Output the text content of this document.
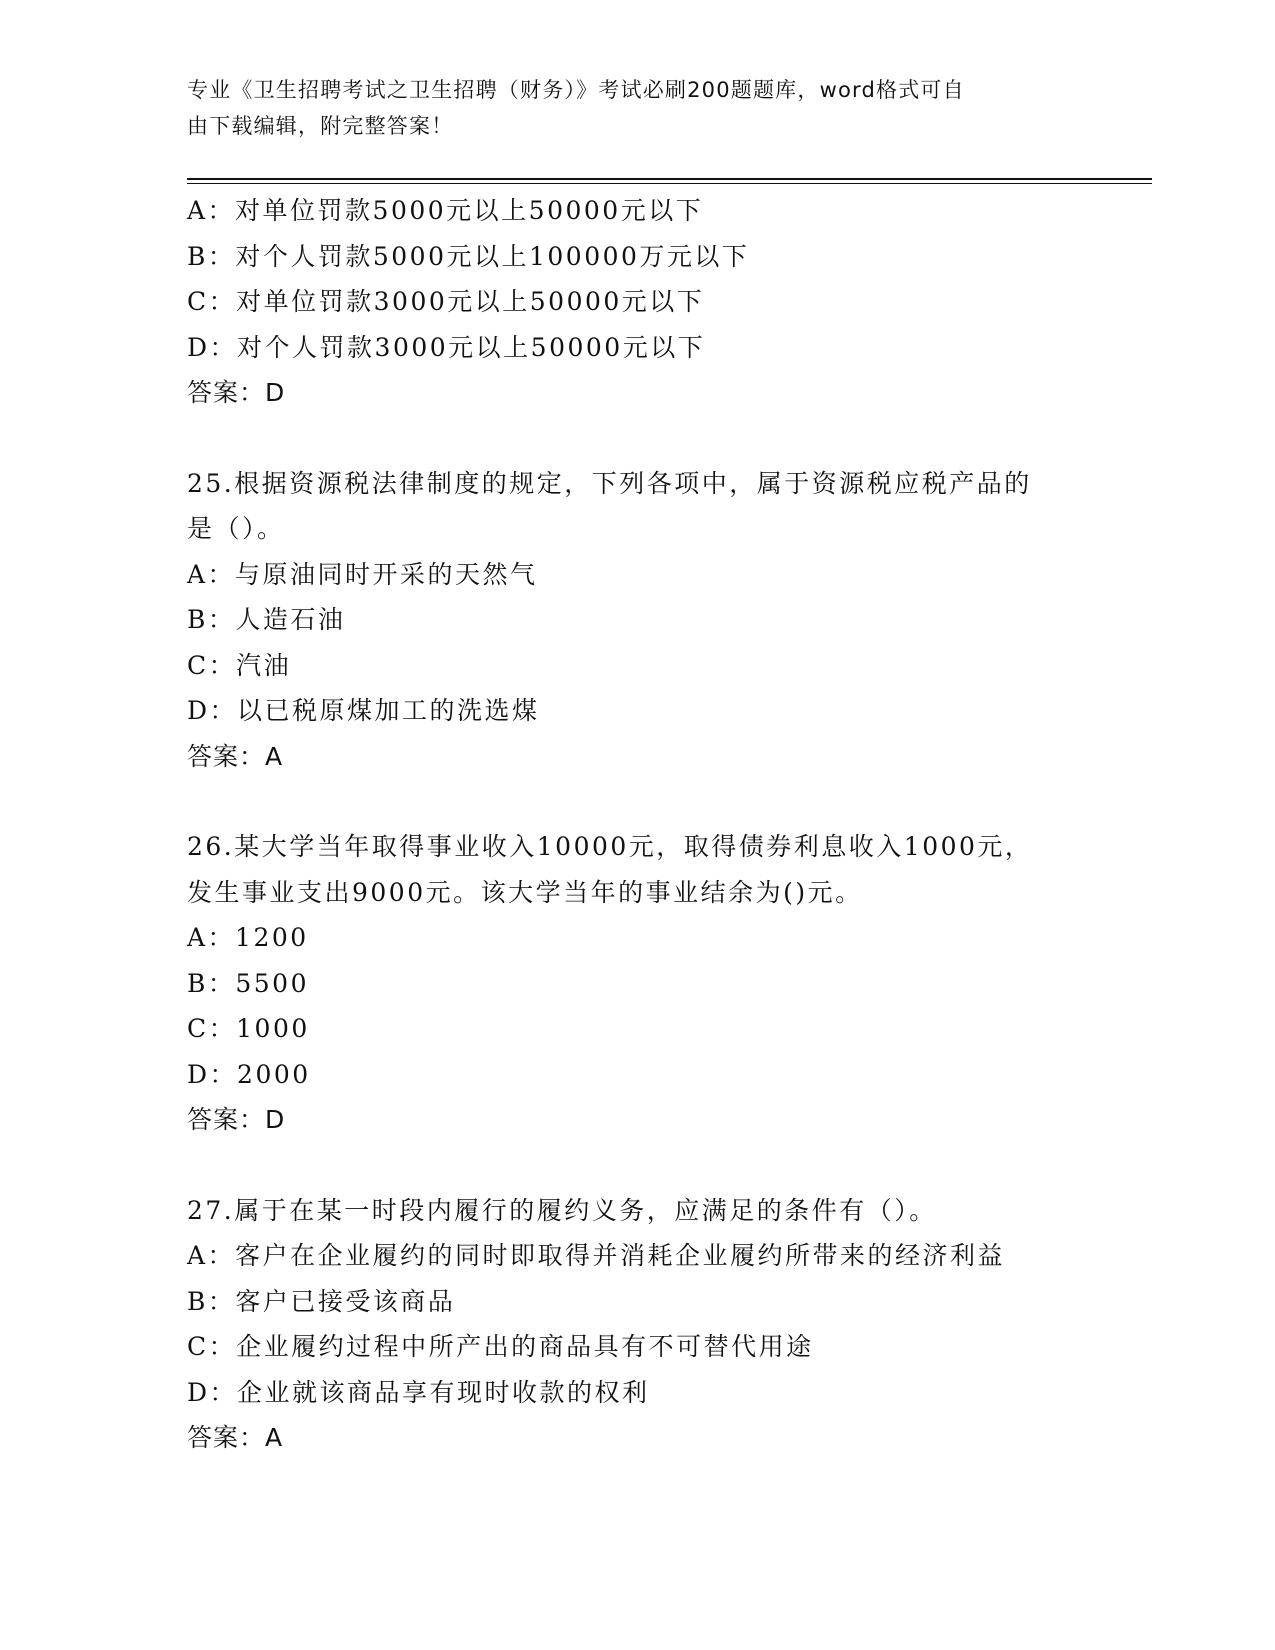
专业《卫生招聘考试之卫生招聘（财务）》考试必刷200题题库，word格式可自
由下载编辑，附完整答案！
A：对单位罚款5000元以上50000元以下
B：对个人罚款5000元以上100000万元以下
C：对单位罚款3000元以上50000元以下
D：对个人罚款3000元以上50000元以下
答案：D
25.根据资源税法律制度的规定，下列各项中，属于资源税应税产品的
是（）。
A：与原油同时开采的天然气
B：人造石油
C：汽油
D：以已税原煤加工的洗选煤
答案：A
26.某大学当年取得事业收入10000元，取得债券利息收入1000元，
发生事业支出9000元。该大学当年的事业结余为()元。
A：1200
B：5500
C：1000
D：2000
答案：D
27.属于在某一时段内履行的履约义务，应满足的条件有（）。
A：客户在企业履约的同时即取得并消耗企业履约所带来的经济利益
B：客户已接受该商品
C：企业履约过程中所产出的商品具有不可替代用途
D：企业就该商品享有现时收款的权利
答案：A
